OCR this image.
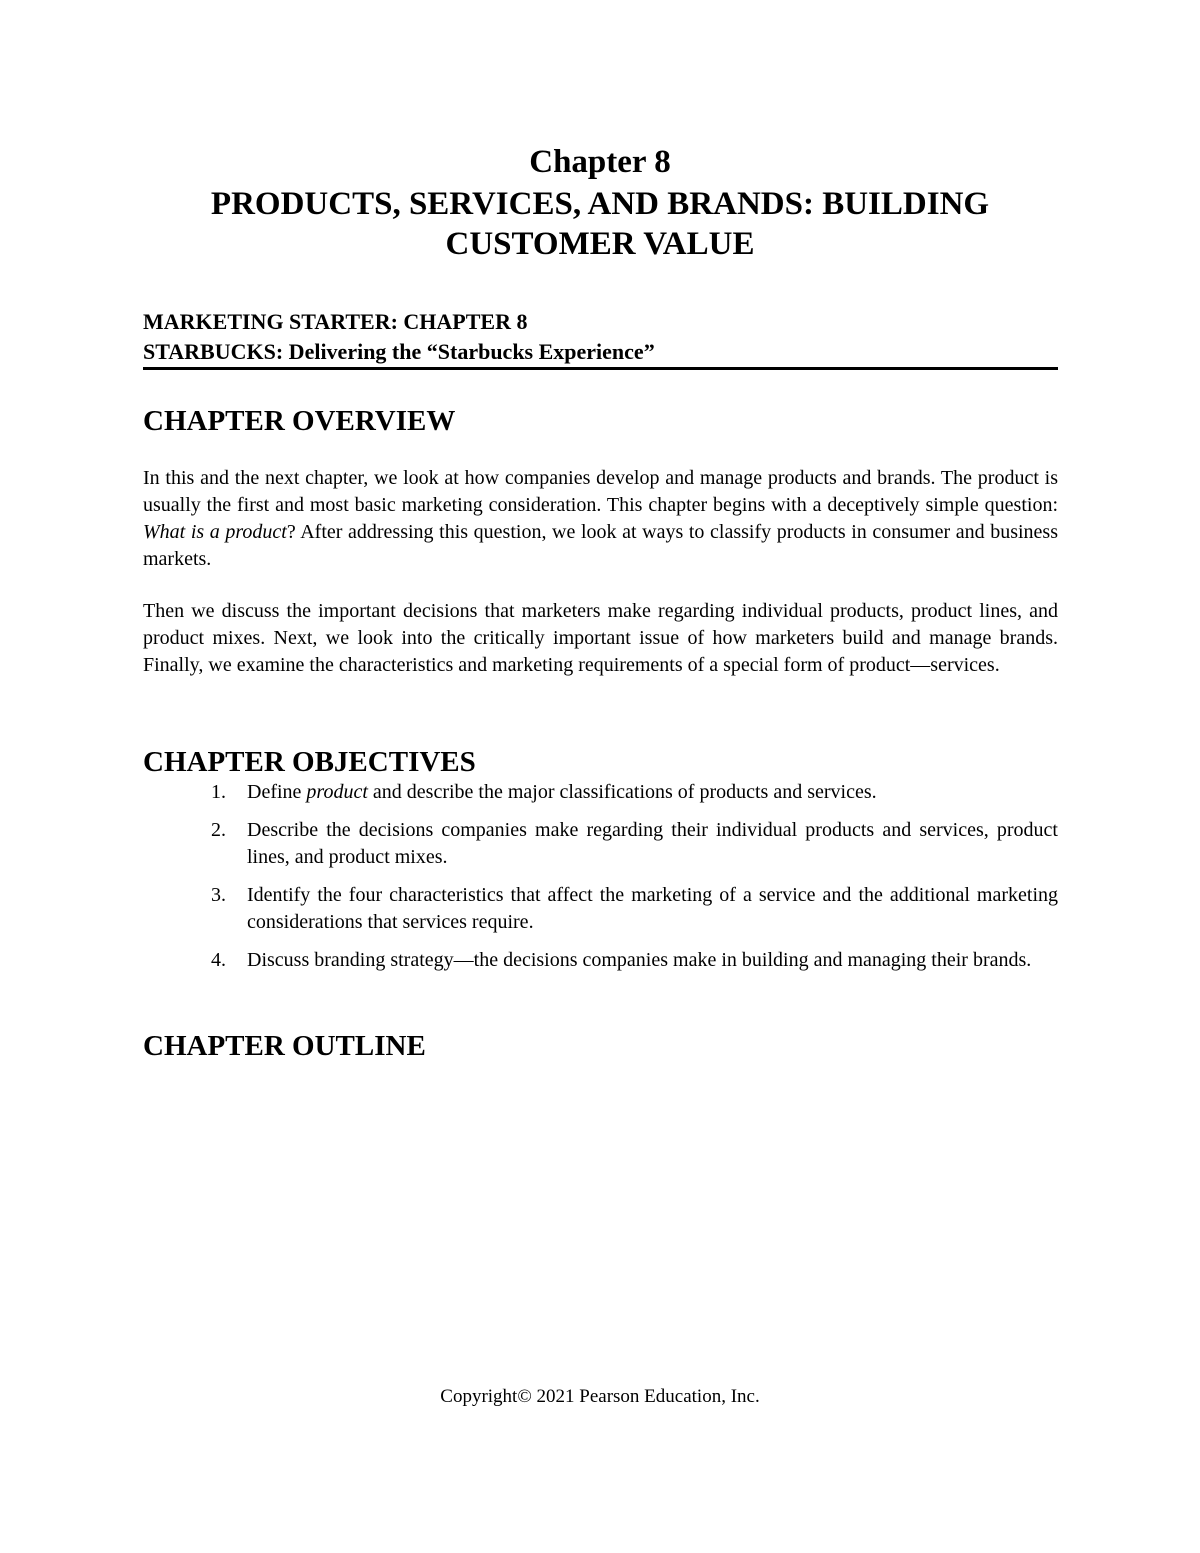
Chapter 8
PRODUCTS, SERVICES, AND BRANDS: BUILDING
CUSTOMER VALUE
MARKETING STARTER: CHAPTER 8
STARBUCKS: Delivering the “Starbucks Experience”
CHAPTER OVERVIEW

In this and the next chapter, we look at how companies develop and manage products and brands. The product is usually the first and most basic marketing consideration. This chapter begins with a deceptively simple question: What is a product? After addressing this question, we look at ways to classify products in consumer and business markets.

Then we discuss the important decisions that marketers make regarding individual products, product lines, and product mixes. Next, we look into the critically important issue of how marketers build and manage brands. Finally, we examine the characteristics and marketing requirements of a special form of product—services.

CHAPTER OBJECTIVES
1. Define product and describe the major classifications of products and services.
2. Describe the decisions companies make regarding their individual products and services, product lines, and product mixes.
3. Identify the four characteristics that affect the marketing of a service and the additional marketing considerations that services require.
4. Discuss branding strategy—the decisions companies make in building and managing their brands.
CHAPTER OUTLINE
Copyright© 2021 Pearson Education, Inc.
